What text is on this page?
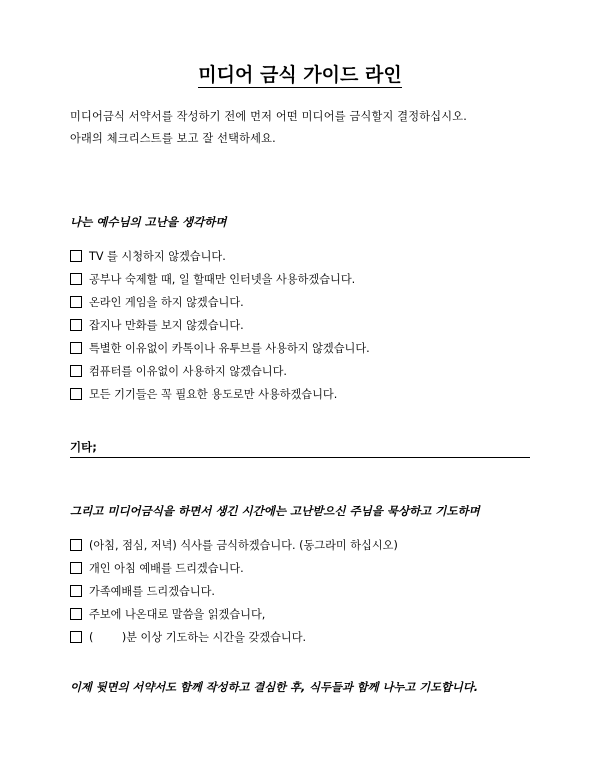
미디어 금식 가이드 라인
미디어금식 서약서를 작성하기 전에 먼저 어떤 미디어를 금식할지 결정하십시오.
아래의 체크리스트를 보고 잘 선택하세요.
나는 예수님의 고난을 생각하며
TV 를 시청하지 않겠습니다.
공부나 숙제할 때, 일 할때만 인터넷을 사용하겠습니다.
온라인 게임을 하지 않겠습니다.
잡지나 만화를 보지 않겠습니다.
특별한 이유없이 카톡이나 유투브를 사용하지 않겠습니다.
컴퓨터를 이유없이 사용하지 않겠습니다.
모든 기기들은 꼭 필요한 용도로만 사용하겠습니다.
기타;
그리고 미디어금식을 하면서 생긴 시간에는 고난받으신 주님을 묵상하고 기도하며
(아침, 점심, 저녁) 식사를 금식하겠습니다. (동그라미 하십시오)
개인 아침 예배를 드리겠습니다.
가족예배를 드리겠습니다.
주보에 나온대로 말씀을 읽겠습니다,
(        )분 이상 기도하는 시간을 갖겠습니다.
이제 뒷면의 서약서도 함께 작성하고 결심한 후, 식두들과 함께 나누고 기도합니다.
